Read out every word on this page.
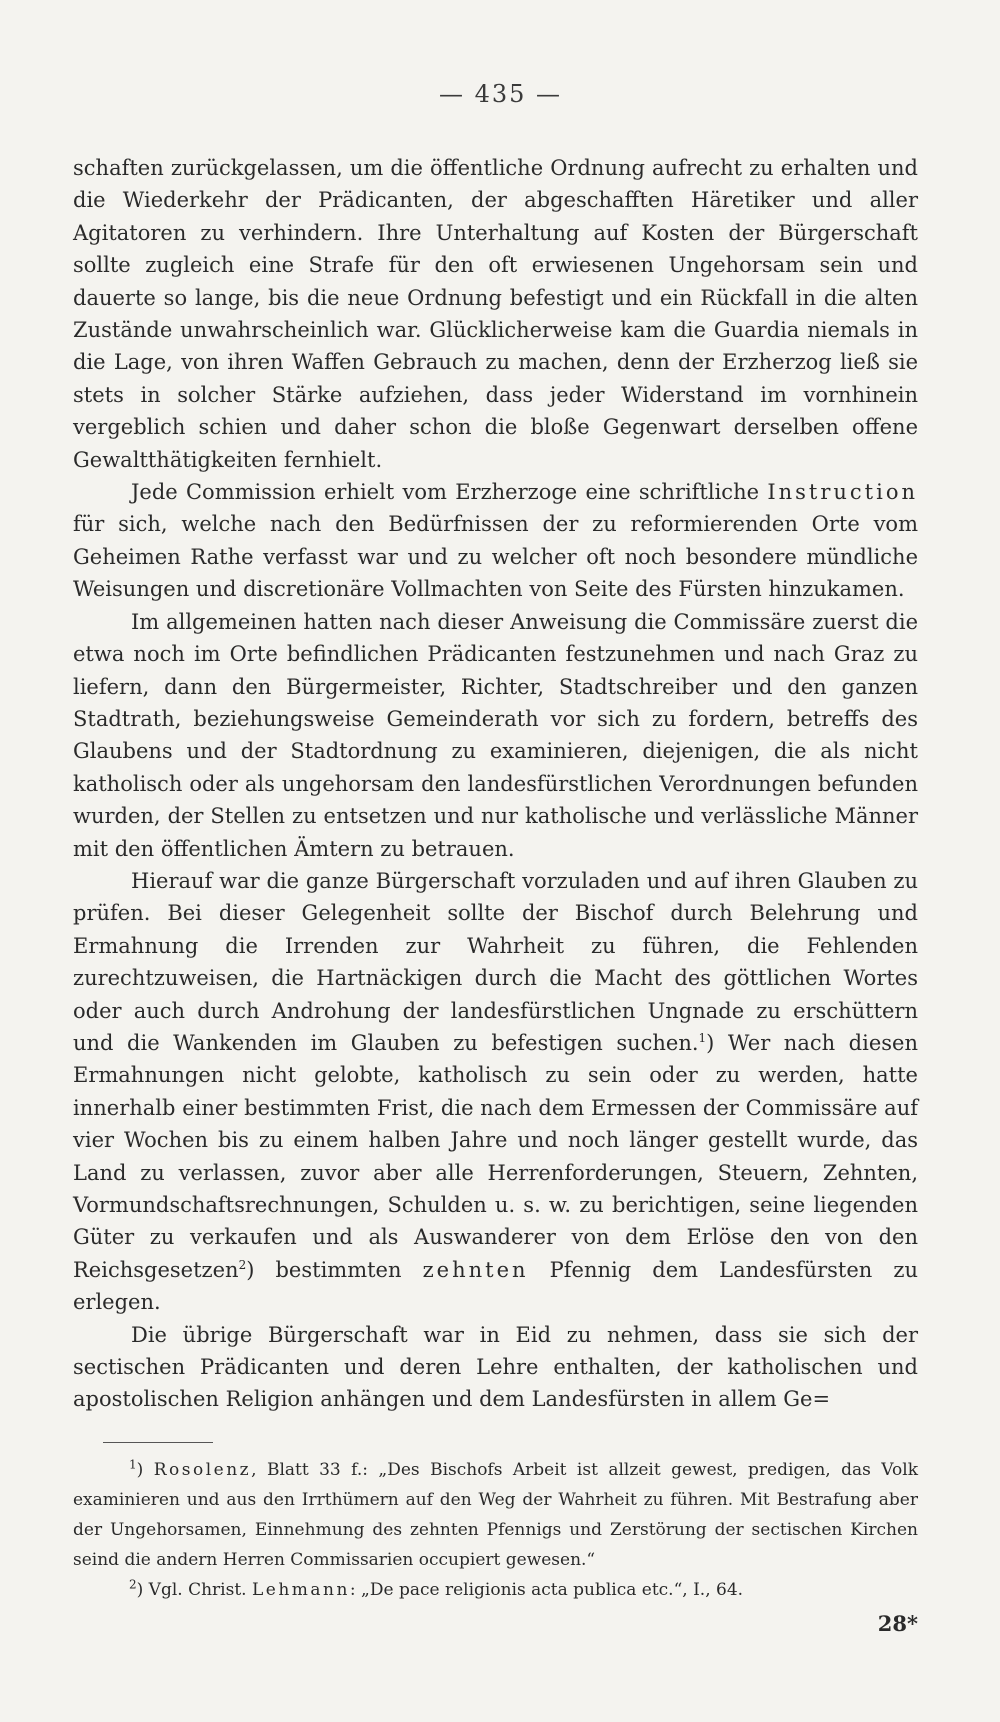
— 435 —

schaften zurückgelassen, um die öffentliche Ordnung aufrecht zu erhalten und die Wiederkehr der Prädicanten, der abgeschafften Häretiker und aller Agitatoren zu verhindern. Ihre Unterhaltung auf Kosten der Bürgerschaft sollte zugleich eine Strafe für den oft erwiesenen Ungehorsam sein und dauerte so lange, bis die neue Ordnung befestigt und ein Rückfall in die alten Zustände unwahrscheinlich war. Glücklicherweise kam die Guardia niemals in die Lage, von ihren Waffen Gebrauch zu machen, denn der Erzherzog ließ sie stets in solcher Stärke aufziehen, dass jeder Widerstand im vornhinein vergeblich schien und daher schon die bloße Gegenwart derselben offene Gewaltthätigkeiten fernhielt.

Jede Commission erhielt vom Erzherzoge eine schriftliche Instruction für sich, welche nach den Bedürfnissen der zu reformierenden Orte vom Geheimen Rathe verfasst war und zu welcher oft noch besondere mündliche Weisungen und discretionäre Vollmachten von Seite des Fürsten hinzukamen.

Im allgemeinen hatten nach dieser Anweisung die Commissäre zuerst die etwa noch im Orte befindlichen Prädicanten festzunehmen und nach Graz zu liefern, dann den Bürgermeister, Richter, Stadtschreiber und den ganzen Stadtrath, beziehungsweise Gemeinderath vor sich zu fordern, betreffs des Glaubens und der Stadtordnung zu examinieren, diejenigen, die als nicht katholisch oder als ungehorsam den landesfürstlichen Verordnungen befunden wurden, der Stellen zu entsetzen und nur katholische und verlässliche Männer mit den öffentlichen Ämtern zu betrauen.

Hierauf war die ganze Bürgerschaft vorzuladen und auf ihren Glauben zu prüfen. Bei dieser Gelegenheit sollte der Bischof durch Belehrung und Ermahnung die Irrenden zur Wahrheit zu führen, die Fehlenden zurechtzuweisen, die Hartnäckigen durch die Macht des göttlichen Wortes oder auch durch Androhung der landesfürstlichen Ungnade zu erschüttern und die Wankenden im Glauben zu befestigen suchen.$^1$) Wer nach diesen Ermahnungen nicht gelobte, katholisch zu sein oder zu werden, hatte innerhalb einer bestimmten Frist, die nach dem Ermessen der Commissäre auf vier Wochen bis zu einem halben Jahre und noch länger gestellt wurde, das Land zu verlassen, zuvor aber alle Herrenforderungen, Steuern, Zehnten, Vormundschaftsrechnungen, Schulden u. s. w. zu berichtigen, seine liegenden Güter zu verkaufen und als Auswanderer von dem Erlöse den von den Reichsgesetzen$^2$) bestimmten zehnten Pfennig dem Landesfürsten zu erlegen.

Die übrige Bürgerschaft war in Eid zu nehmen, dass sie sich der sectischen Prädicanten und deren Lehre enthalten, der katholischen und apostolischen Religion anhängen und dem Landesfürsten in allem Ge=

$^1$) Rosolenz, Blatt 33 f.: „Des Bischofs Arbeit ist allzeit gewest, predigen, das Volk examinieren und aus den Irrthümern auf den Weg der Wahrheit zu führen. Mit Bestrafung aber der Ungehorsamen, Einnehmung des zehnten Pfennigs und Zerstörung der sectischen Kirchen seind die andern Herren Commissarien occupiert gewesen.“

$^2$) Vgl. Christ. Lehmann: „De pace religionis acta publica etc.“, I., 64.

28*
